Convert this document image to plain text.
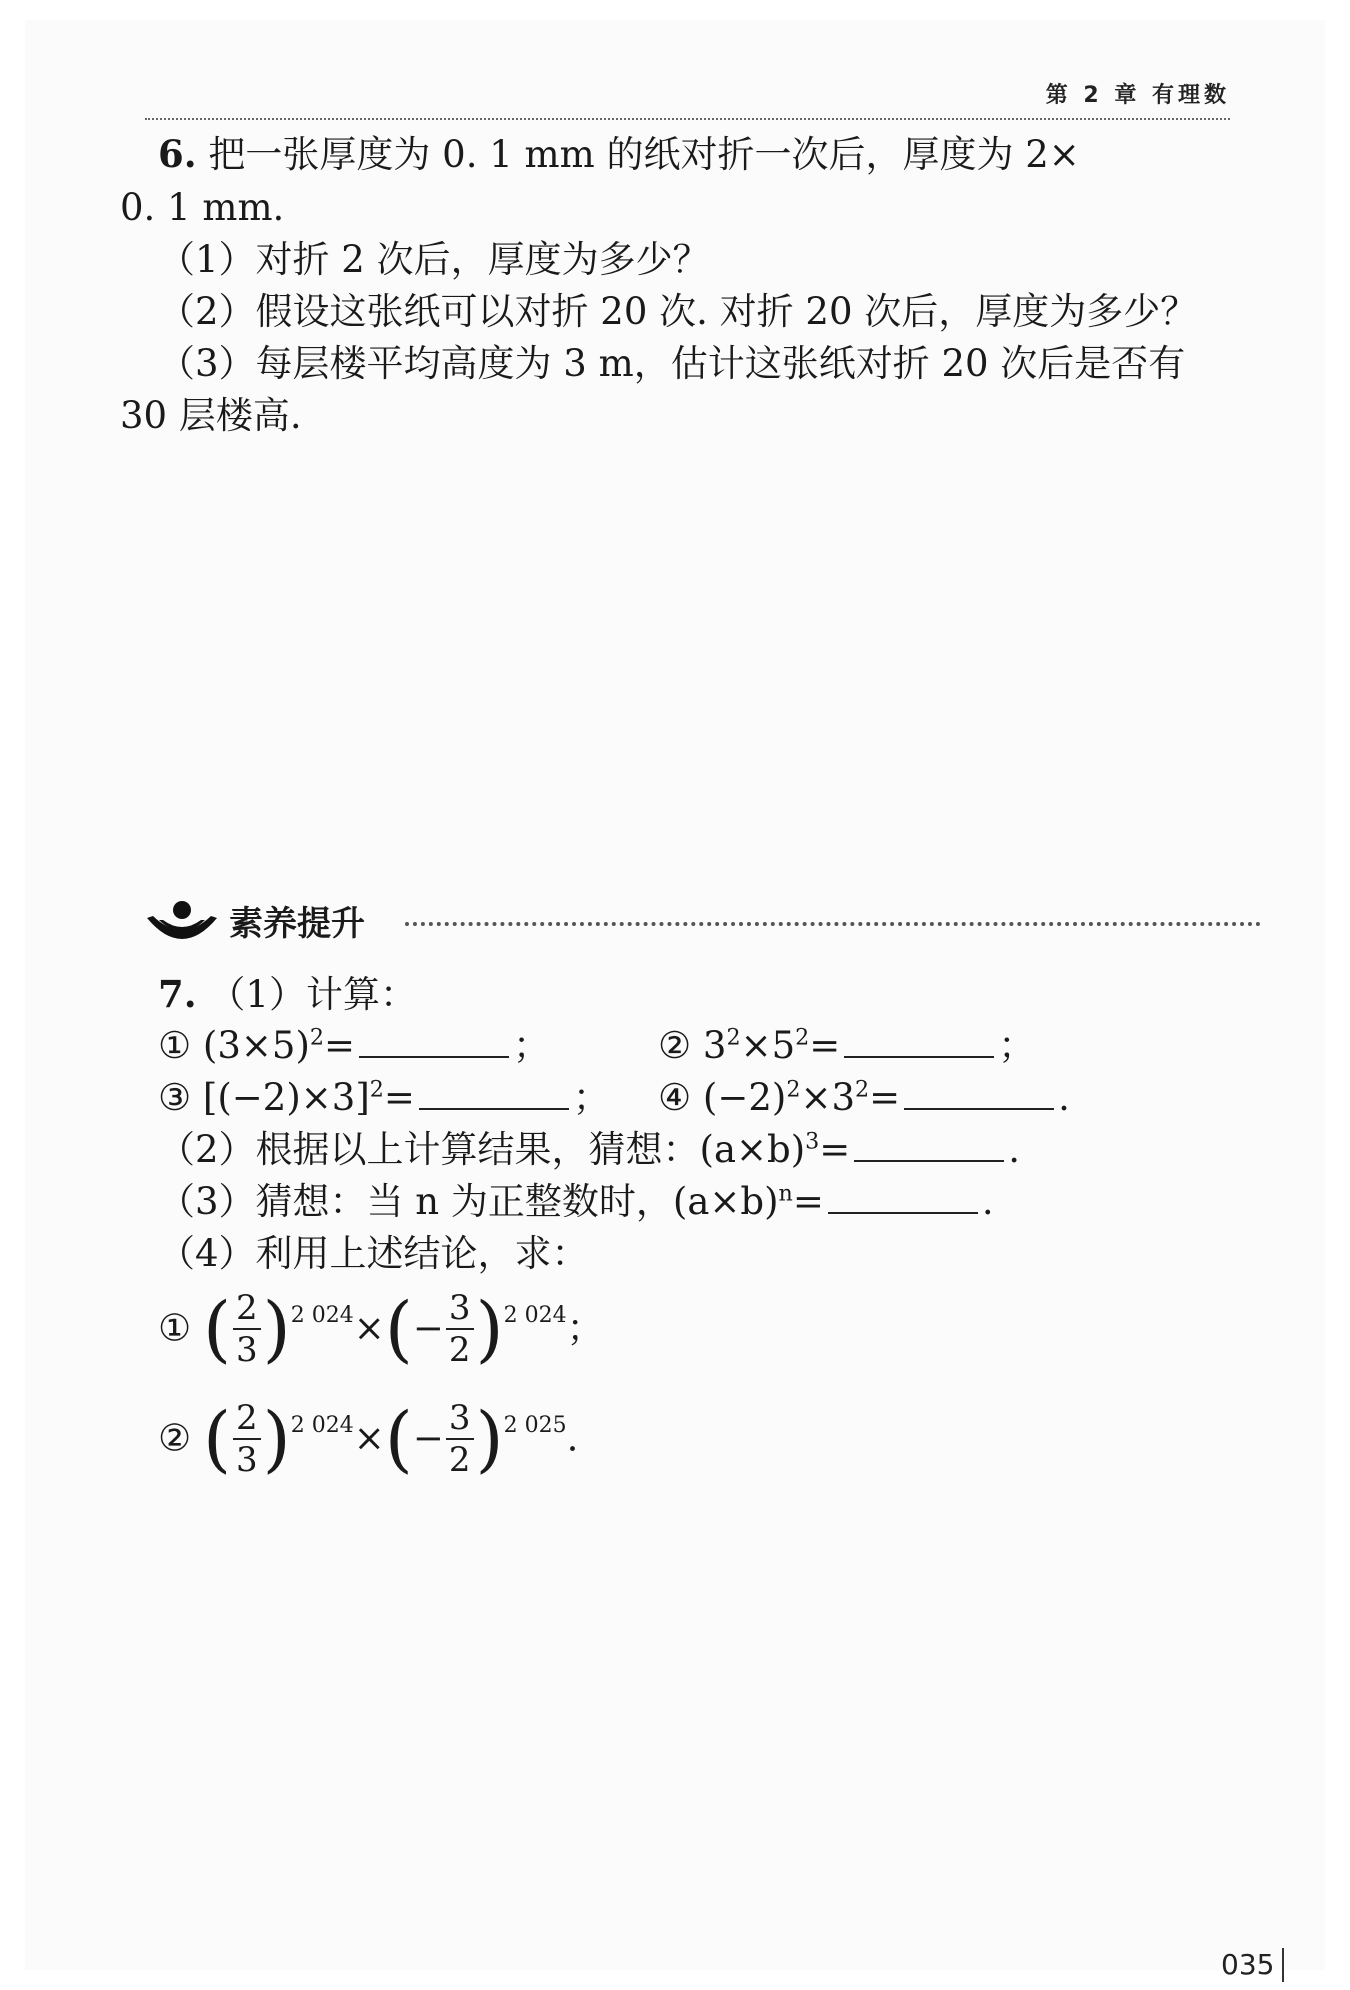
第 2 章 有理数
6. 把一张厚度为 0. 1 mm 的纸对折一次后，厚度为 2×
0. 1 mm.
（1）对折 2 次后，厚度为多少？
（2）假设这张纸可以对折 20 次. 对折 20 次后，厚度为多少？
（3）每层楼平均高度为 3 m，估计这张纸对折 20 次后是否有
30 层楼高.
素养提升
7. （1）计算：
① $(3\times 5)^2=$	；	② $3^2\times 5^2=$	；
③ $[(-2)\times 3]^2=$	； ④ $(-2)^2\times 3^2=$	.
（2）根据以上计算结果，猜想：$(a\times b)^3=$	.
（3）猜想：当 n 为正整数时，$(a\times b)^n=$	.
（4）利用上述结论，求：
① ( $\frac{2}{3} )^{2 024}\times(- \frac{3}{2} )^{2 024}$；
② ( $\frac{2}{3} )^{2 024}\times(- \frac{3}{2} )^{2 025}$.
035
